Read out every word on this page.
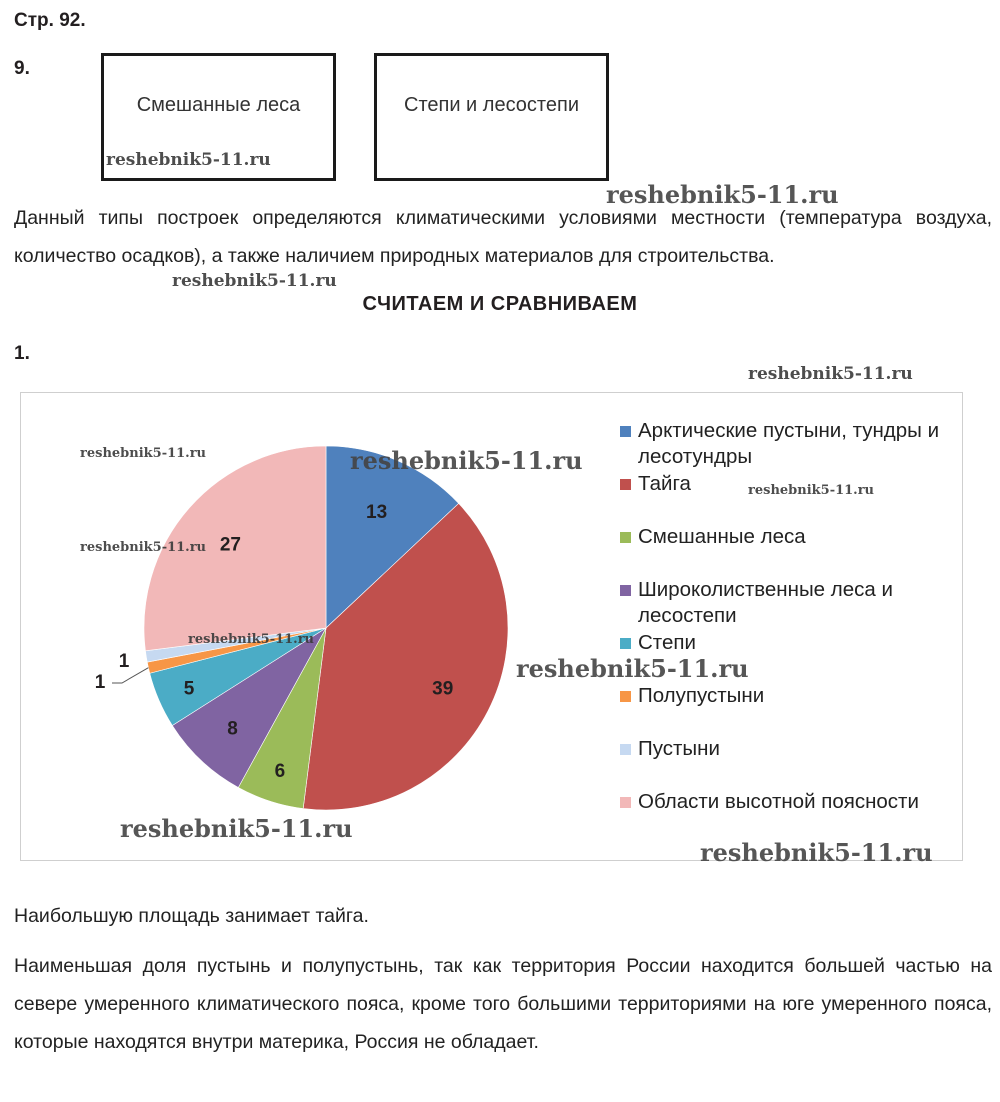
Стр. 92.
9.
Смешанные леса	Степи и лесостепи
Данный типы построек определяются климатическими условиями местности (температура воздуха, количество осадков), а также наличием природных материалов для строительства.
СЧИТАЕМ И СРАВНИВАЕМ
1.
13
39
6
8
5
1
1
27
Арктические пустыни, тундры и лесотундры
Тайга
Смешанные леса
Широколиственные леса и лесостепи
Степи
Полупустыни
Пустыни
Области высотной поясности
Наибольшую площадь занимает тайга.
Наименьшая доля пустынь и полупустынь, так как территория России находится большей частью на севере умеренного климатического пояса, кроме того большими территориями на юге умеренного пояса, которые находятся внутри материка, Россия не обладает.
reshebnik5-11.ru
reshebnik5-11.ru
reshebnik5-11.ru
reshebnik5-11.ru
reshebnik5-11.ru	reshebnik5-11.ru
reshebnik5-11.ru
reshebnik5-11.ru
reshebnik5-11.ru
reshebnik5-11.ru
reshebnik5-11.ru
reshebnik5-11.ru
